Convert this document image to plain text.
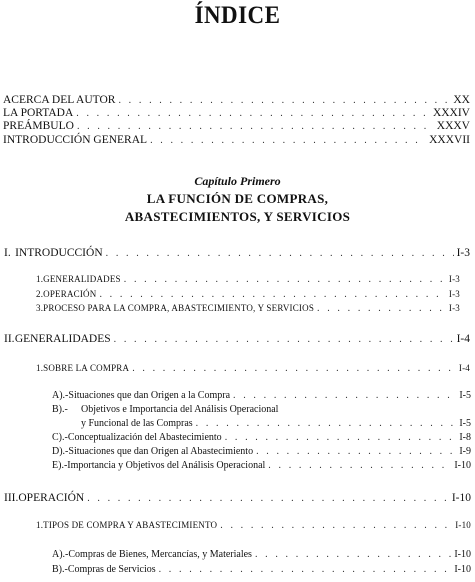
ÍNDICE
ACERCA DEL AUTOR . . .	XX
LA PORTADA . . .	XXXIV
PREÁMBULO . . .	XXXV
INTRODUCCIÓN GENERAL . . .	XXXVII
Capítulo Primero
LA FUNCIÓN DE COMPRAS,
ABASTECIMIENTOS, Y SERVICIOS
I. INTRODUCCIÓN . . .	I-3
1. GENERALIDADES . . .	I-3
2. OPERACIÓN . . .	I-3
3. PROCESO PARA LA COMPRA, ABASTECIMIENTO, Y SERVICIOS . . .	I-3
II. GENERALIDADES . . .	I-4
1. SOBRE LA COMPRA . . .	I-4
A).- Situaciones que dan Origen a la Compra . . .	I-5
B).-	Objetivos e Importancia del Análisis Operacional
y Funcional de las Compras . . .	I-5
C).- Conceptualización del Abastecimiento . . .	I-8
D).- Situaciones que dan Origen al Abastecimiento . . .	I-9
E).- Importancia y Objetivos del Análisis Operacional . . .	I-10
III. OPERACIÓN . . .	I-10
1. TIPOS DE COMPRA Y ABASTECIMIENTO . . .	I-10
A).- Compras de Bienes, Mercancías, y Materiales . . .	I-10
B).- Compras de Servicios . . .	I-10
